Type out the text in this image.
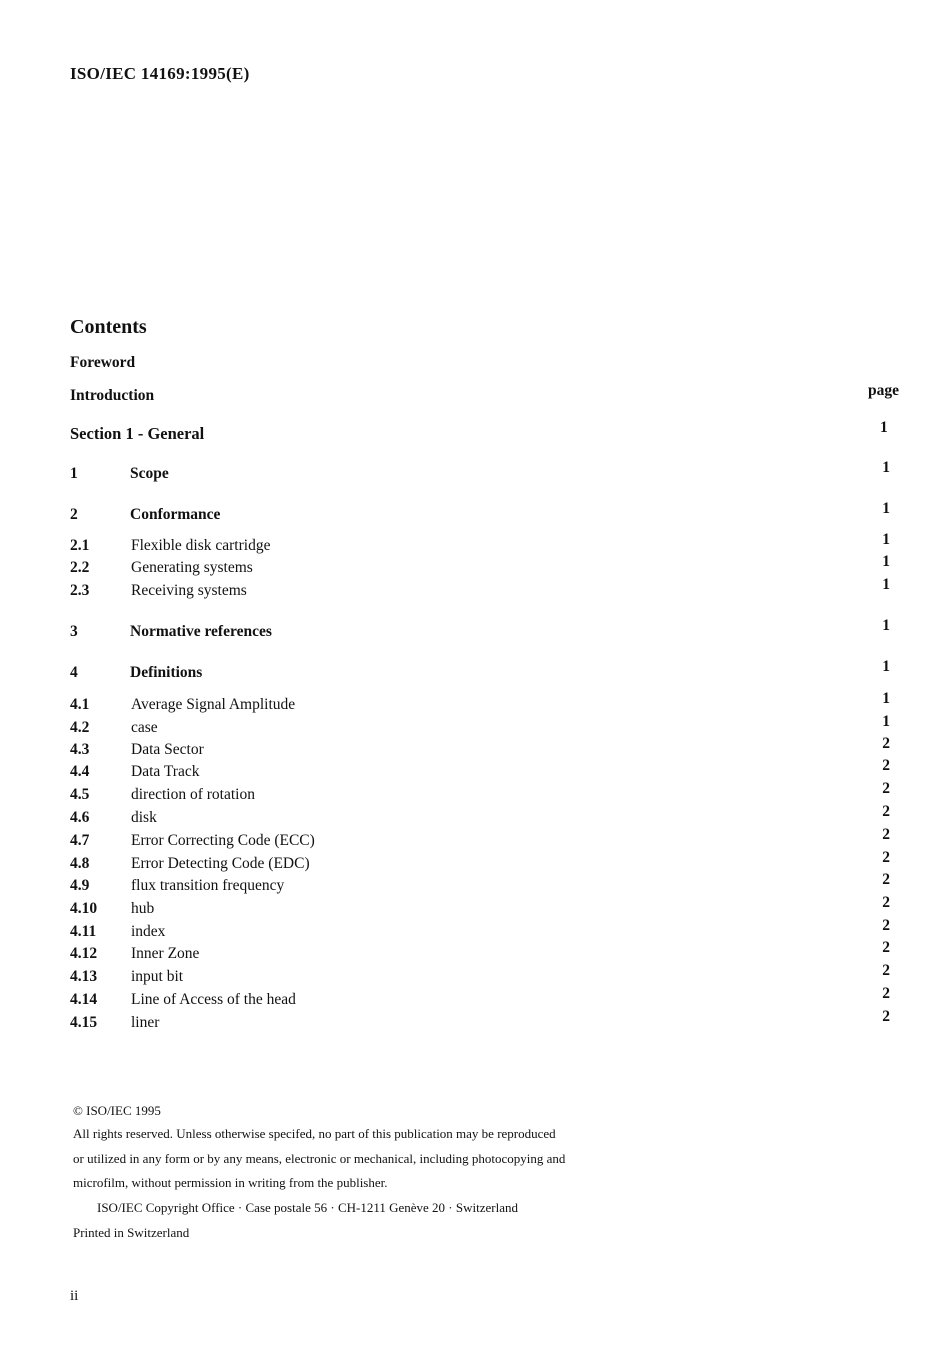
ISO/IEC 14169:1995(E)
Contents
Foreword
Introduction	page
Section 1 - General	1
1	Scope	1
2	Conformance	1
2.1	Flexible disk cartridge	1
2.2	Generating systems	1
2.3	Receiving systems	1
3	Normative references	1
4	Definitions	1
4.1	Average Signal Amplitude	1
4.2	case	1
4.3	Data Sector	2
4.4	Data Track	2
4.5	direction of rotation	2
4.6	disk	2
4.7	Error Correcting Code (ECC)	2
4.8	Error Detecting Code (EDC)	2
4.9	flux transition frequency	2
4.10 hub	2
4.11 index	2
4.12 Inner Zone	2
4.13 input bit	2
4.14 Line of Access of the head	2
4.15 liner	2
© ISO/IEC 1995
All rights reserved. Unless otherwise specifed, no part of this publication may be reproduced
or utilized in any form or by any means, electronic or mechanical, including photocopying and
microfilm, without permission in writing from the publisher.
ISO/IEC Copyright Office · Case postale 56 · CH-1211 Genève 20 · Switzerland
Printed in Switzerland
ii
